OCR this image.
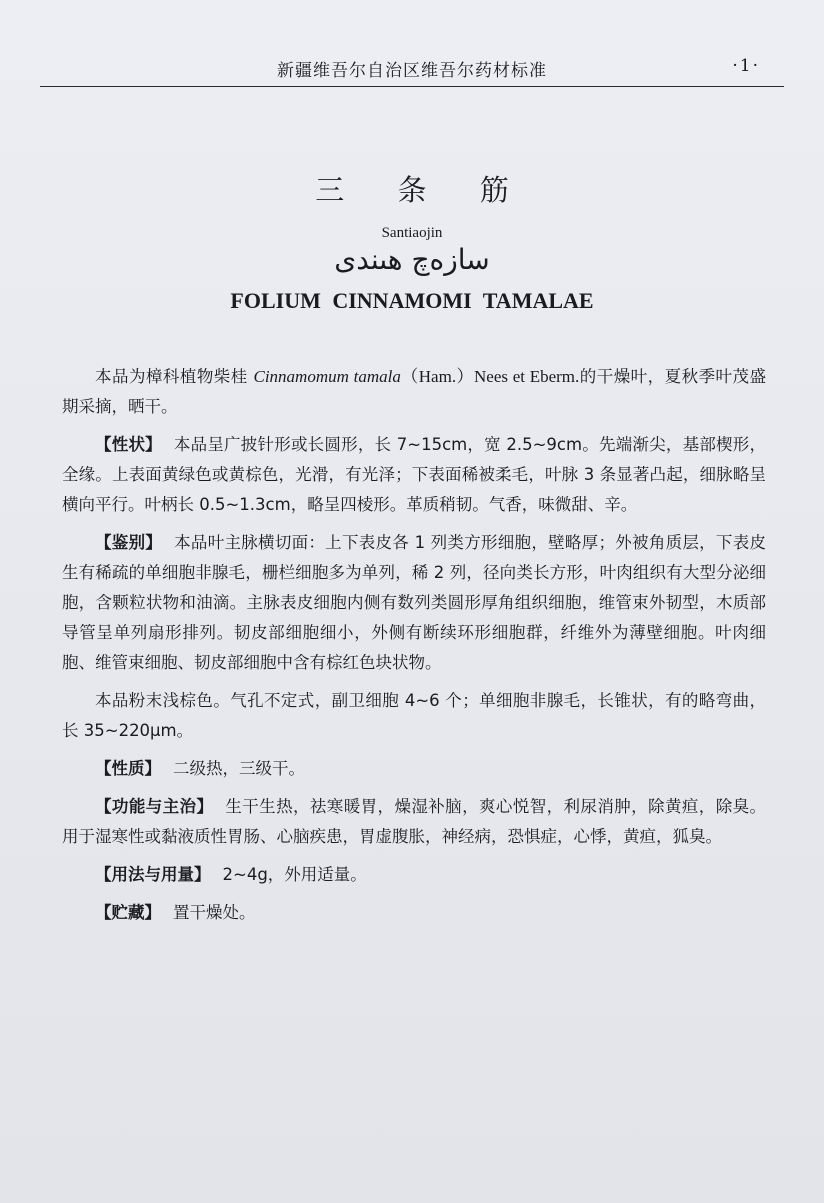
新疆维吾尔自治区维吾尔药材标准	·1·
三 条 筋
Santiaojin
سازەچ ھىندى
FOLIUM CINNAMOMI TAMALAE

本品为樟科植物柴桂 Cinnamomum tamala（Ham.）Nees et Eberm.的干燥叶，夏秋季叶茂盛期采摘，晒干。

【性状】 本品呈广披针形或长圆形，长 7~15cm，宽 2.5~9cm。先端渐尖，基部楔形，全缘。上表面黄绿色或黄棕色，光滑，有光泽；下表面稀被柔毛，叶脉 3 条显著凸起，细脉略呈横向平行。叶柄长 0.5~1.3cm，略呈四棱形。革质稍韧。气香，味微甜、辛。

【鉴别】 本品叶主脉横切面：上下表皮各 1 列类方形细胞，壁略厚；外被角质层，下表皮生有稀疏的单细胞非腺毛，栅栏细胞多为单列，稀 2 列，径向类长方形，叶肉组织有大型分泌细胞，含颗粒状物和油滴。主脉表皮细胞内侧有数列类圆形厚角组织细胞，维管束外韧型，木质部导管呈单列扇形排列。韧皮部细胞细小，外侧有断续环形细胞群，纤维外为薄壁细胞。叶肉细胞、维管束细胞、韧皮部细胞中含有棕红色块状物。

本品粉末浅棕色。气孔不定式，副卫细胞 4~6 个；单细胞非腺毛，长锥状，有的略弯曲，长 35~220μm。

【性质】 二级热，三级干。

【功能与主治】 生干生热，祛寒暖胃，燥湿补脑，爽心悦智，利尿消肿，除黄疸，除臭。用于湿寒性或黏液质性胃肠、心脑疾患，胃虚腹胀，神经病，恐惧症，心悸，黄疸，狐臭。

【用法与用量】 2~4g，外用适量。

【贮藏】 置干燥处。
